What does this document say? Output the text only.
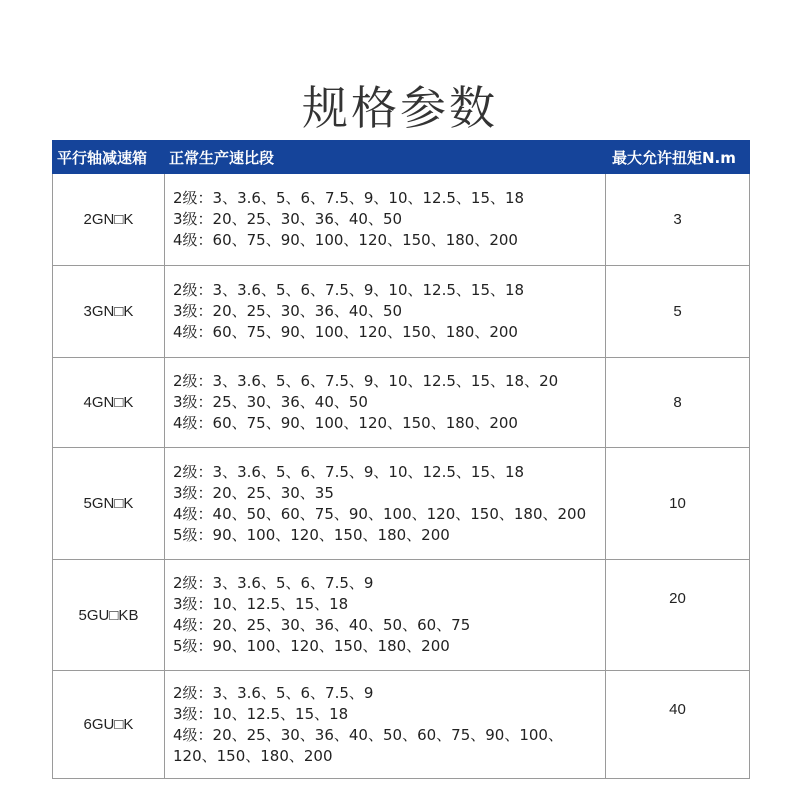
规格参数
平行轴减速箱	正常生产速比段	最大允许扭矩N.m
2GN□K	2级：3、3.6、5、6、7.5、9、10、12.5、15、18
3级：20、25、30、36、40、50
4级：60、75、90、100、120、150、180、200	3
3GN□K	2级：3、3.6、5、6、7.5、9、10、12.5、15、18
3级：20、25、30、36、40、50
4级：60、75、90、100、120、150、180、200	5
4GN□K	2级：3、3.6、5、6、7.5、9、10、12.5、15、18、20
3级：25、30、36、40、50
4级：60、75、90、100、120、150、180、200	8
5GN□K	2级：3、3.6、5、6、7.5、9、10、12.5、15、18
3级：20、25、30、35
4级：40、50、60、75、90、100、120、150、180、200
5级：90、100、120、150、180、200	10
5GU□KB	2级：3、3.6、5、6、7.5、9
3级：10、12.5、15、18
4级：20、25、30、36、40、50、60、75
5级：90、100、120、150、180、200	20
6GU□K	2级：3、3.6、5、6、7.5、9
3级：10、12.5、15、18
4级：20、25、30、36、40、50、60、75、90、100、
120、150、180、200	40
